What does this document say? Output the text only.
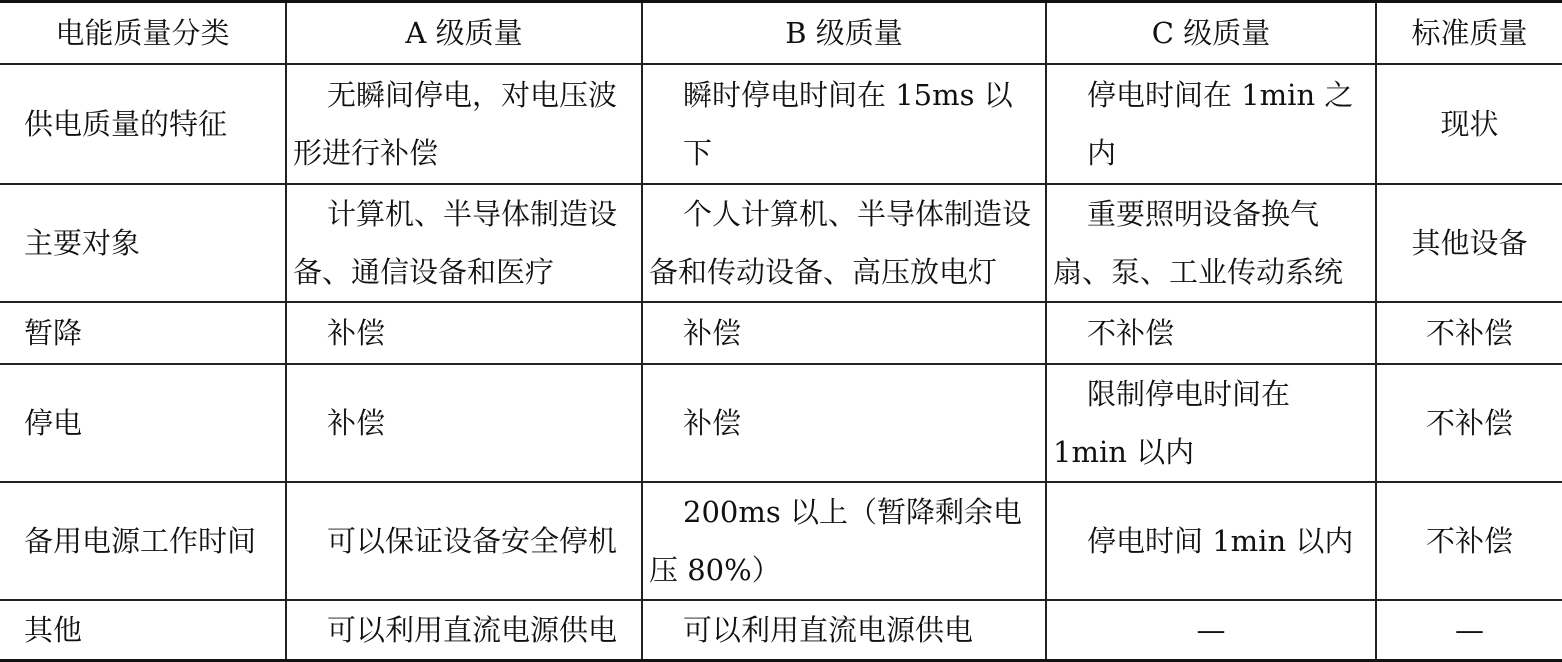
电能质量分类	A 级质量	B 级质量	C 级质量	标准质量
供电质量的特征	无瞬间停电，对电压波形进行补偿	瞬时停电时间在 15ms 以下	停电时间在 1min 之内	现状
主要对象	计算机、半导体制造设备、通信设备和医疗	个人计算机、半导体制造设备和传动设备、高压放电灯	重要照明设备换气扇、泵、工业传动系统	其他设备
暂降	补偿	补偿	不补偿	不补偿
停电	补偿	补偿	限制停电时间在 1min 以内	不补偿
备用电源工作时间	可以保证设备安全停机	200ms 以上（暂降剩余电压 80%）	停电时间 1min 以内	不补偿
其他	可以利用直流电源供电	可以利用直流电源供电	—	—
